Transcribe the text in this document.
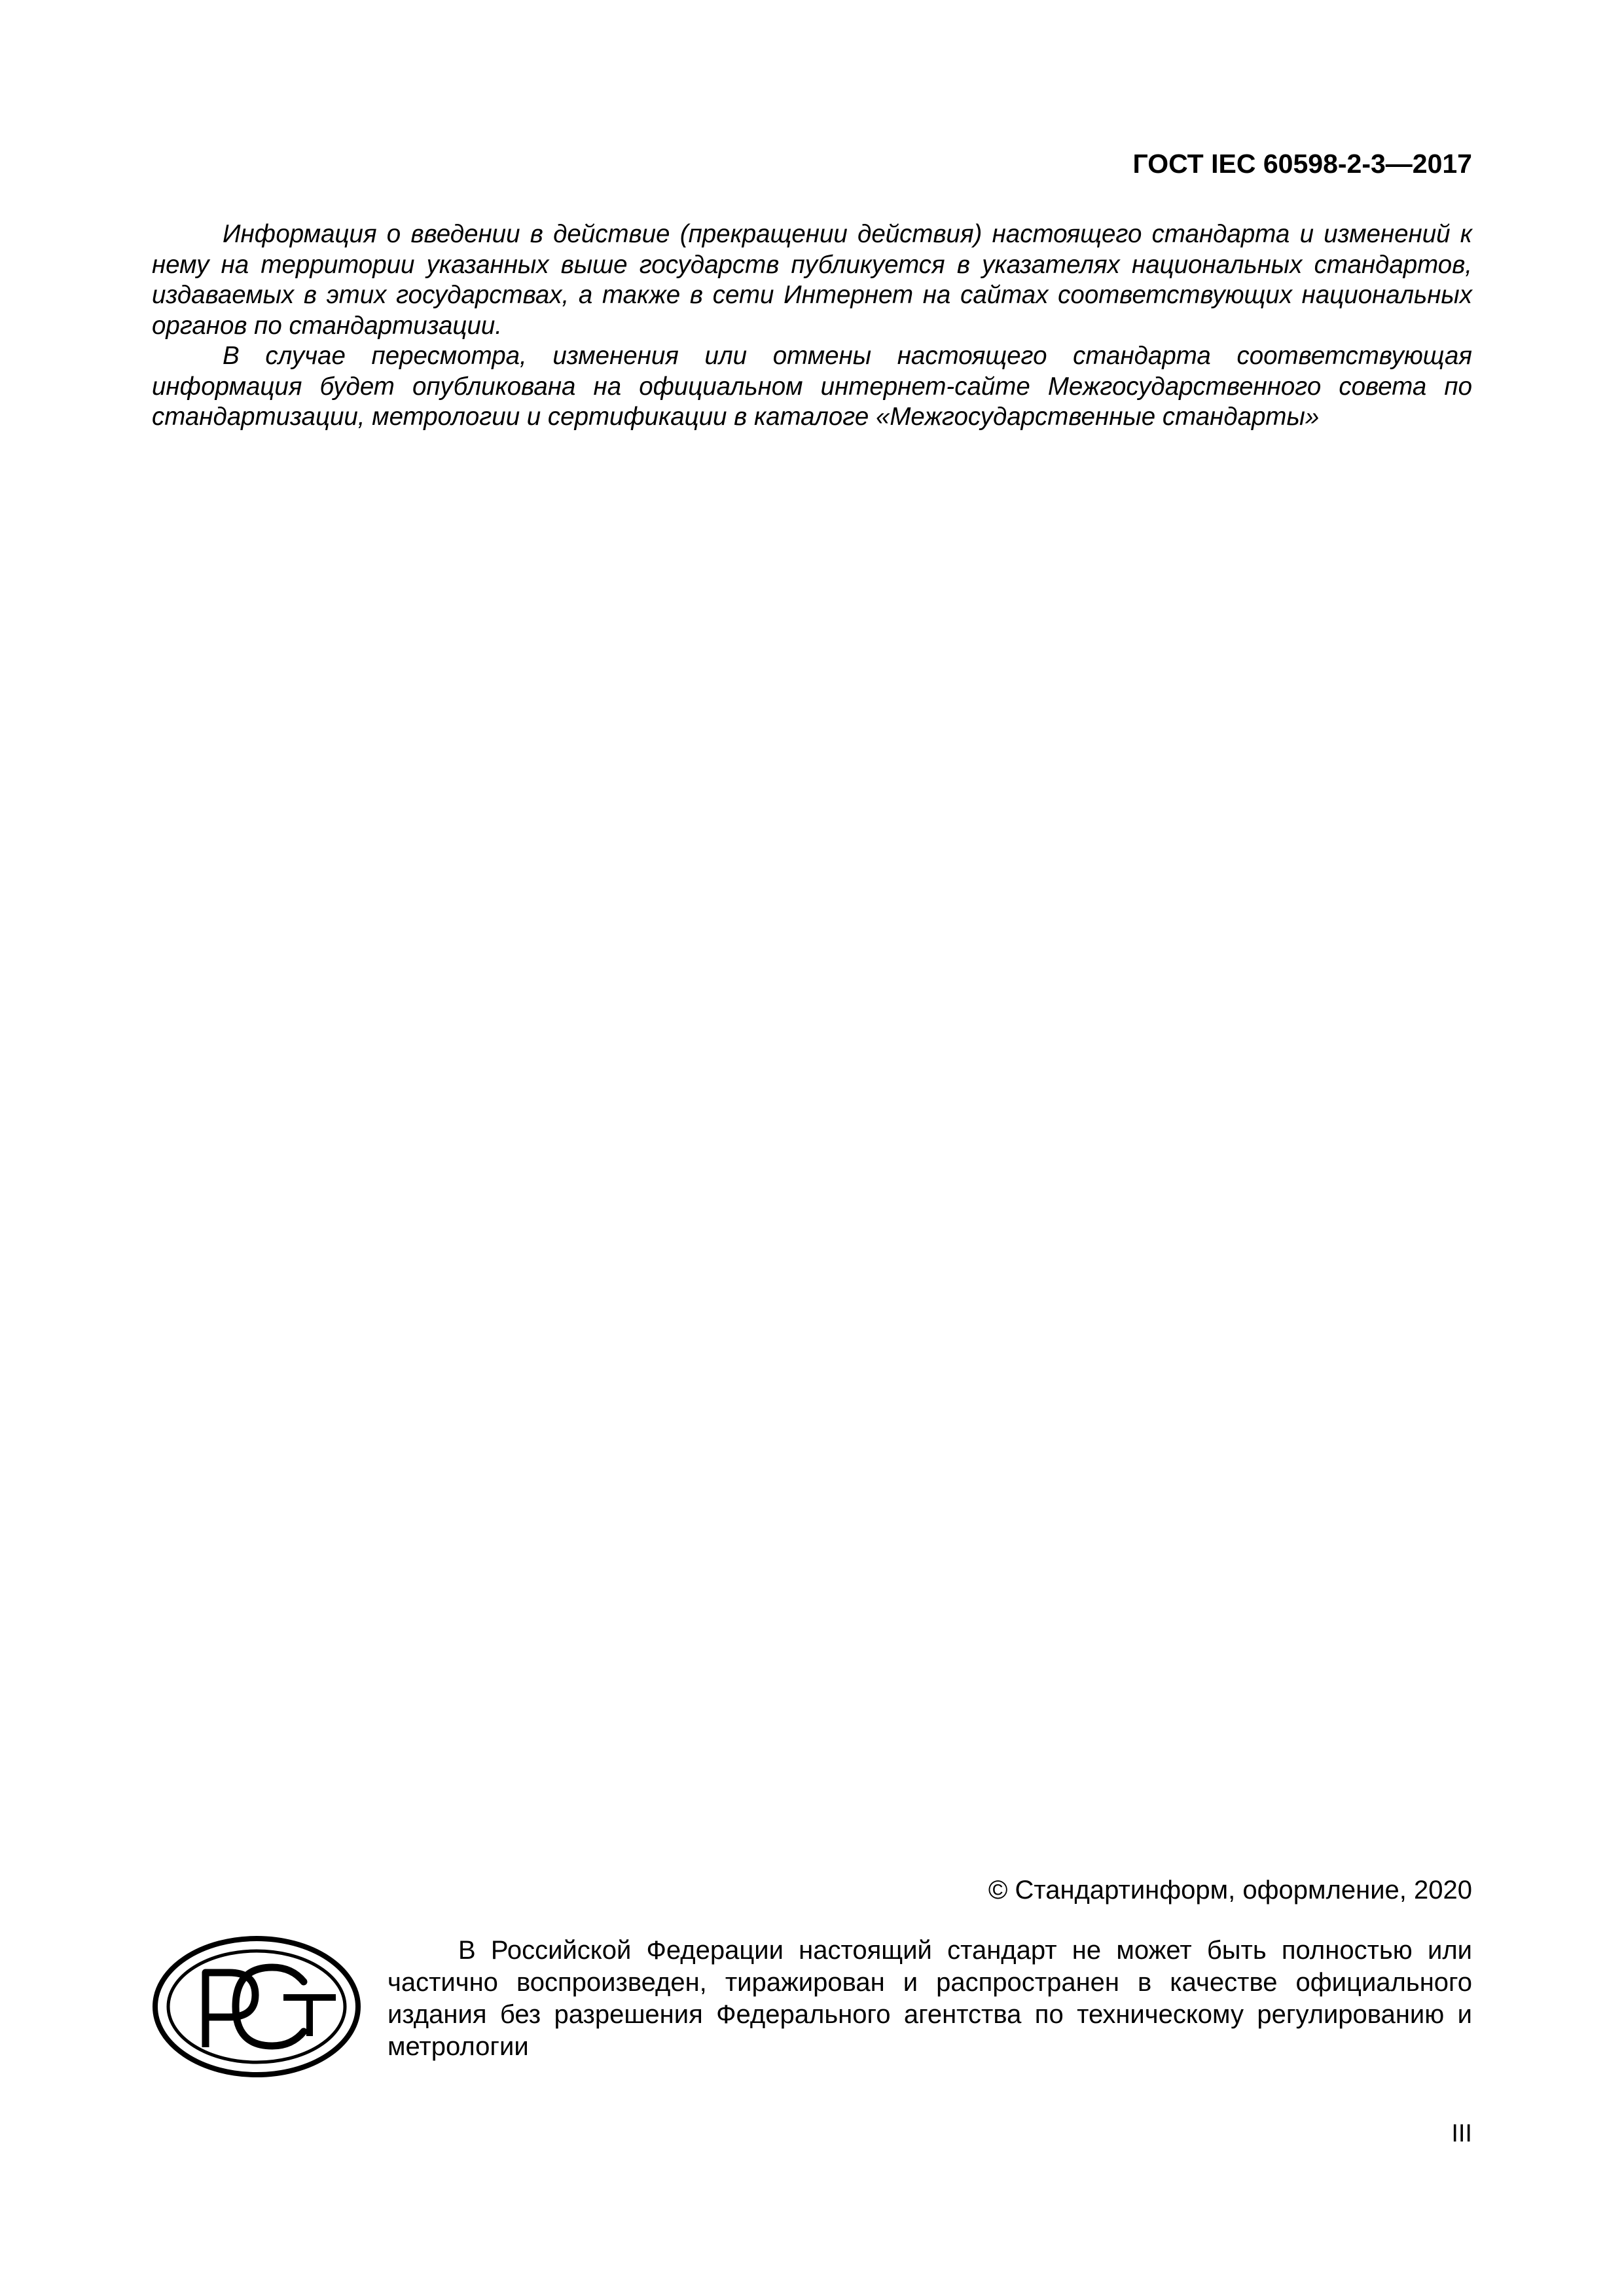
ГОСТ IEC 60598-2-3—2017

Информация о введении в действие (прекращении действия) настоящего стандарта и изменений к нему на территории указанных выше государств публикуется в указателях национальных стандартов, издаваемых в этих государствах, а также в сети Интернет на сайтах соответствующих национальных органов по стандартизации.

В случае пересмотра, изменения или отмены настоящего стандарта соответствующая информация будет опубликована на официальном интернет-сайте Межгосударственного совета по стандартизации, метрологии и сертификации в каталоге «Межгосударственные стандарты»

© Стандартинформ, оформление, 2020

В Российской Федерации настоящий стандарт не может быть полностью или частично воспроизведен, тиражирован и распространен в качестве официального издания без разрешения Федерального агентства по техническому регулированию и метрологии

III
